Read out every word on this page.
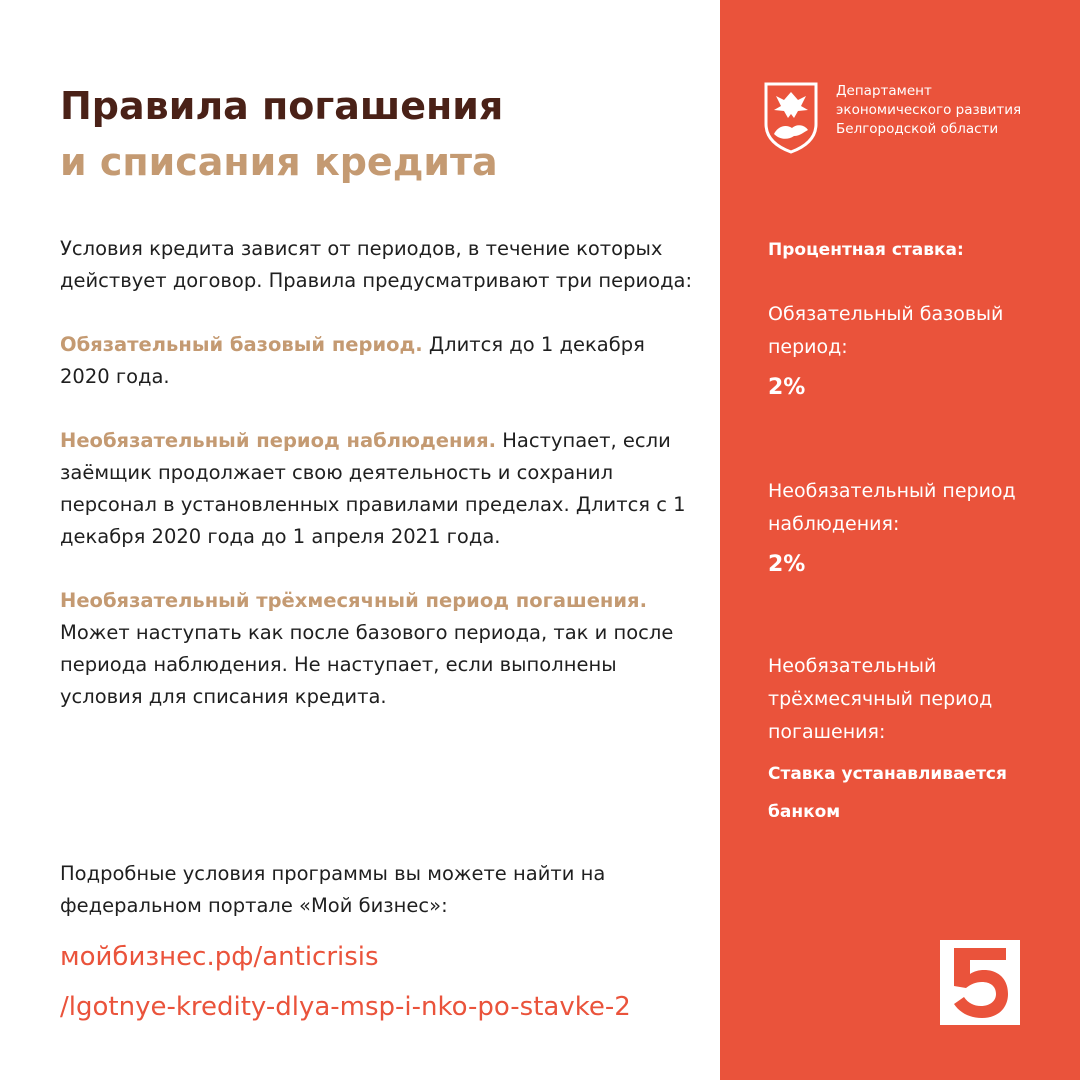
Правила погашения
и списания кредита

Условия кредита зависят от периодов, в течение которых действует договор. Правила предусматривают три периода:

Обязательный базовый период. Длится до 1 декабря 2020 года.

Необязательный период наблюдения. Наступает, если заёмщик продолжает свою деятельность и сохранил персонал в установленных правилами пределах. Длится с 1 декабря 2020 года до 1 апреля 2021 года.

Необязательный трёхмесячный период погашения.
Может наступать как после базового периода, так и после периода наблюдения. Не наступает, если выполнены условия для списания кредита.

Подробные условия программы вы можете найти на федеральном портале «Мой бизнес»:

мойбизнес.рф/anticrisis
/lgotnye-kredity-dlya-msp-i-nko-po-stavke-2
Департамент
экономического развития
Белгородской области
Процентная ставка:
Обязательный базовый период:
2%
Необязательный период наблюдения:
2%
Необязательный трёхмесячный период погашения:
Ставка устанавливается банком
